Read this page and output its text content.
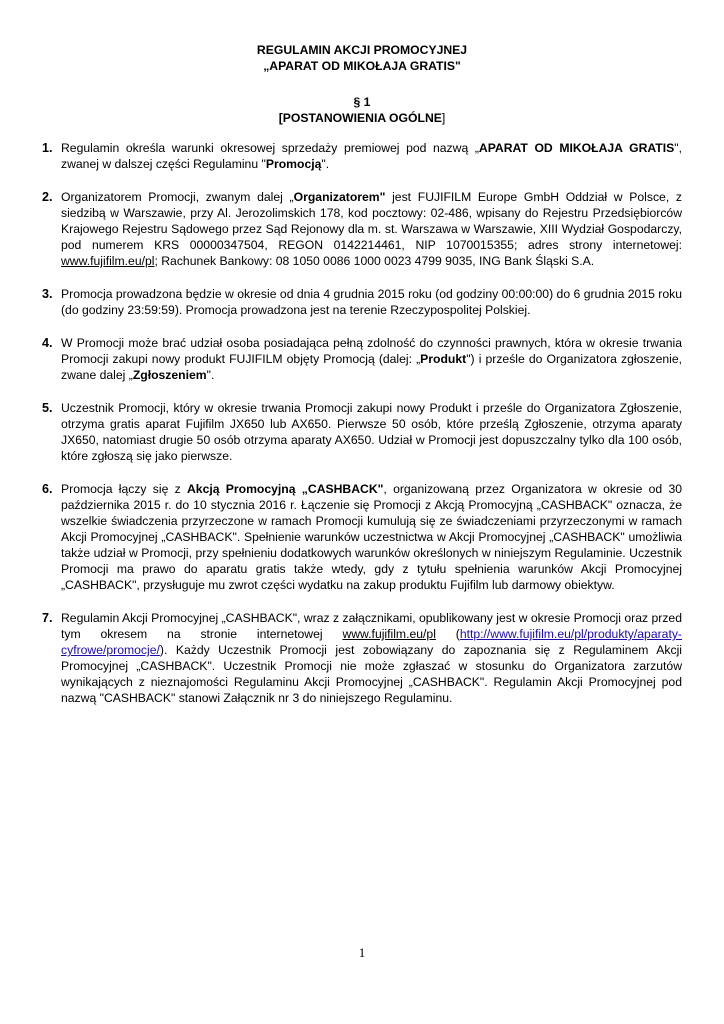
REGULAMIN AKCJI PROMOCYJNEJ
„APARAT OD MIKOŁAJA GRATIS"
§ 1
[POSTANOWIENIA OGÓLNE]
1. Regulamin określa warunki okresowej sprzedaży premiowej pod nazwą „APARAT OD MIKOŁAJA GRATIS", zwanej w dalszej części Regulaminu "Promocją".
2. Organizatorem Promocji, zwanym dalej „Organizatorem" jest FUJIFILM Europe GmbH Oddział w Polsce, z siedzibą w Warszawie, przy Al. Jerozolimskich 178, kod pocztowy: 02-486, wpisany do Rejestru Przedsiębiorców Krajowego Rejestru Sądowego przez Sąd Rejonowy dla m. st. Warszawa w Warszawie, XIII Wydział Gospodarczy, pod numerem KRS 00000347504, REGON 0142214461, NIP 1070015355; adres strony internetowej: www.fujifilm.eu/pl; Rachunek Bankowy: 08 1050 0086 1000 0023 4799 9035, ING Bank Śląski S.A.
3. Promocja prowadzona będzie w okresie od dnia 4 grudnia 2015 roku (od godziny 00:00:00) do 6 grudnia 2015 roku (do godziny 23:59:59). Promocja prowadzona jest na terenie Rzeczypospolitej Polskiej.
4. W Promocji może brać udział osoba posiadająca pełną zdolność do czynności prawnych, która w okresie trwania Promocji zakupi nowy produkt FUJIFILM objęty Promocją (dalej: „Produkt") i prześle do Organizatora zgłoszenie, zwane dalej „Zgłoszeniem".
5. Uczestnik Promocji, który w okresie trwania Promocji zakupi nowy Produkt i prześle do Organizatora Zgłoszenie, otrzyma gratis aparat Fujifilm JX650 lub AX650. Pierwsze 50 osób, które prześlą Zgłoszenie, otrzyma aparaty JX650, natomiast drugie 50 osób otrzyma aparaty AX650. Udział w Promocji jest dopuszczalny tylko dla 100 osób, które zgłoszą się jako pierwsze.
6. Promocja łączy się z Akcją Promocyjną „CASHBACK", organizowaną przez Organizatora w okresie od 30 października 2015 r. do 10 stycznia 2016 r. Łączenie się Promocji z Akcją Promocyjną „CASHBACK" oznacza, że wszelkie świadczenia przyrzeczone w ramach Promocji kumulują się ze świadczeniami przyrzeczonymi w ramach Akcji Promocyjnej „CASHBACK". Spełnienie warunków uczestnictwa w Akcji Promocyjnej „CASHBACK" umożliwia także udział w Promocji, przy spełnieniu dodatkowych warunków określonych w niniejszym Regulaminie. Uczestnik Promocji ma prawo do aparatu gratis także wtedy, gdy z tytułu spełnienia warunków Akcji Promocyjnej „CASHBACK", przysługuje mu zwrot części wydatku na zakup produktu Fujifilm lub darmowy obiektyw.
7. Regulamin Akcji Promocyjnej „CASHBACK", wraz z załącznikami, opublikowany jest w okresie Promocji oraz przed tym okresem na stronie internetowej www.fujifilm.eu/pl (http://www.fujifilm.eu/pl/produkty/aparaty-cyfrowe/promocje/). Każdy Uczestnik Promocji jest zobowiązany do zapoznania się z Regulaminem Akcji Promocyjnej „CASHBACK". Uczestnik Promocji nie może zgłaszać w stosunku do Organizatora zarzutów wynikających z nieznajomości Regulaminu Akcji Promocyjnej „CASHBACK". Regulamin Akcji Promocyjnej pod nazwą "CASHBACK" stanowi Załącznik nr 3 do niniejszego Regulaminu.
1
